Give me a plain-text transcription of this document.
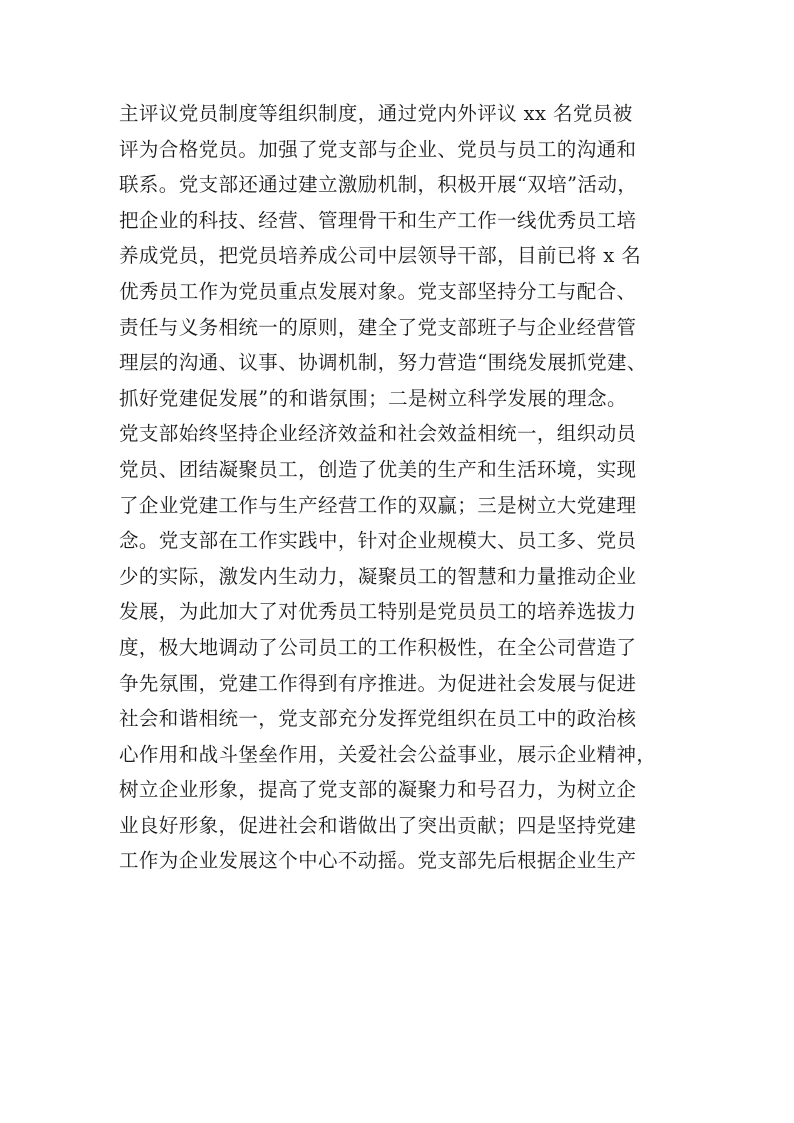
主评议党员制度等组织制度，通过党内外评议 xx 名党员被
评为合格党员。加强了党支部与企业、党员与员工的沟通和
联系。党支部还通过建立激励机制，积极开展“双培”活动，
把企业的科技、经营、管理骨干和生产工作一线优秀员工培
养成党员，把党员培养成公司中层领导干部，目前已将 x 名
优秀员工作为党员重点发展对象。党支部坚持分工与配合、
责任与义务相统一的原则，建全了党支部班子与企业经营管
理层的沟通、议事、协调机制，努力营造“围绕发展抓党建、
抓好党建促发展”的和谐氛围；二是树立科学发展的理念。
党支部始终坚持企业经济效益和社会效益相统一，组织动员
党员、团结凝聚员工，创造了优美的生产和生活环境，实现
了企业党建工作与生产经营工作的双赢；三是树立大党建理
念。党支部在工作实践中，针对企业规模大、员工多、党员
少的实际，激发内生动力，凝聚员工的智慧和力量推动企业
发展，为此加大了对优秀员工特别是党员员工的培养选拔力
度，极大地调动了公司员工的工作积极性，在全公司营造了
争先氛围，党建工作得到有序推进。为促进社会发展与促进
社会和谐相统一，党支部充分发挥党组织在员工中的政治核
心作用和战斗堡垒作用，关爱社会公益事业，展示企业精神，
树立企业形象，提高了党支部的凝聚力和号召力，为树立企
业良好形象，促进社会和谐做出了突出贡献；四是坚持党建
工作为企业发展这个中心不动摇。党支部先后根据企业生产
